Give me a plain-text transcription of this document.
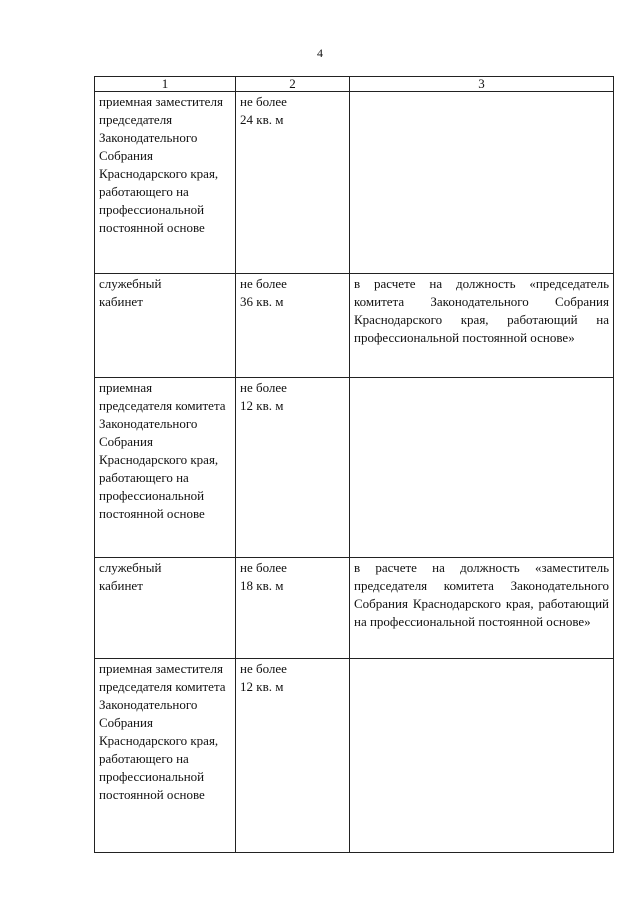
4
1	2	3

приемная заместителя председателя Законодательного Собрания Краснодарского края, работающего на профессиональной постоянной основе	не более 24 кв. м	

служебный кабинет	не более 36 кв. м	в расчете на должность «председатель комитета Законодательного Собрания Краснодарского края, работающий на профессиональной постоянной основе»

приемная председателя комитета Законодательного Собрания Краснодарского края, работающего на профессиональной постоянной основе	не более 12 кв. м	

служебный кабинет	не более 18 кв. м	в расчете на должность «заместитель председателя комитета Законодательного Собрания Краснодарского края, работающий на профессиональной постоянной основе»

приемная заместителя председателя комитета Законодательного Собрания Краснодарского края, работающего на профессиональной постоянной основе	не более 12 кв. м	
